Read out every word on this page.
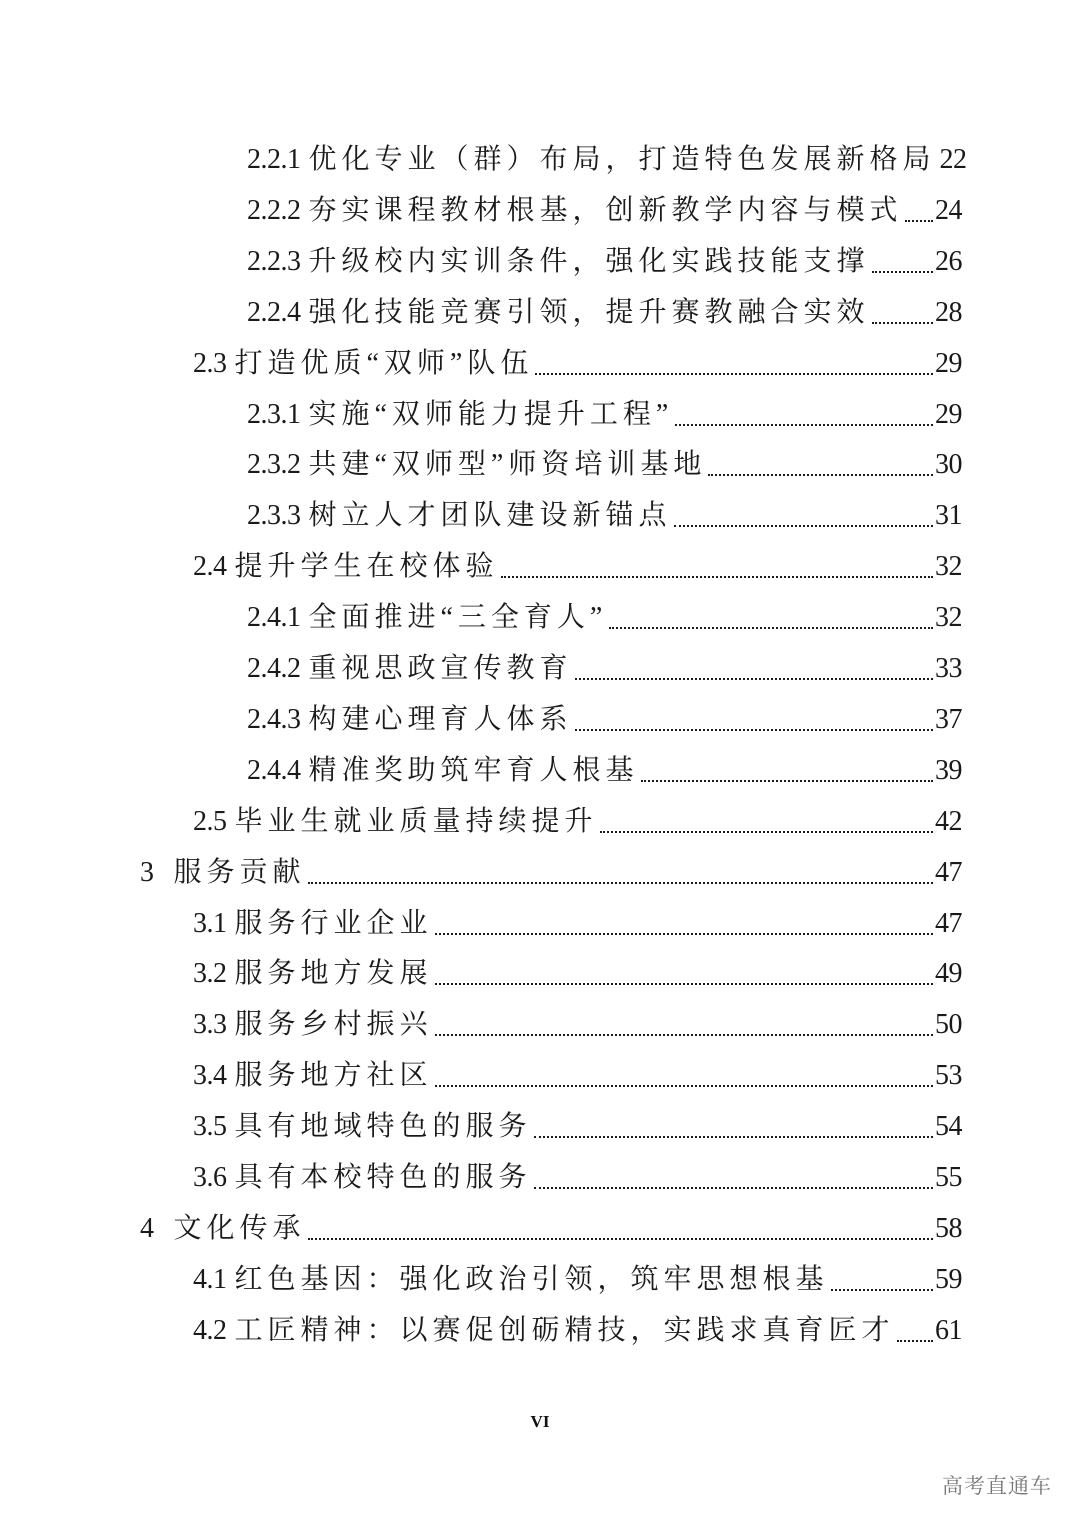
2.2.1 优化专业（群）布局，打造特色发展新格局 22
2.2.2 夯实课程教材根基，创新教学内容与模式 24
2.2.3 升级校内实训条件，强化实践技能支撑 26
2.2.4 强化技能竞赛引领，提升赛教融合实效 28
2.3 打造优质“双师”队伍	29
2.3.1 实施“双师能力提升工程”	29
2.3.2 共建“双师型”师资培训基地	30
2.3.3 树立人才团队建设新锚点	31
2.4 提升学生在校体验	32
2.4.1 全面推进“三全育人”	32
2.4.2 重视思政宣传教育	33
2.4.3 构建心理育人体系	37
2.4.4 精准奖助筑牢育人根基	39
2.5 毕业生就业质量持续提升	42
3 服务贡献	47
3.1 服务行业企业	47
3.2 服务地方发展	49
3.3 服务乡村振兴	50
3.4 服务地方社区	53
3.5 具有地域特色的服务	54
3.6 具有本校特色的服务	55
4 文化传承	58
4.1 红色基因：强化政治引领，筑牢思想根基	59
4.2 工匠精神：以赛促创砺精技，实践求真育匠才 61
VI
高考直通车
